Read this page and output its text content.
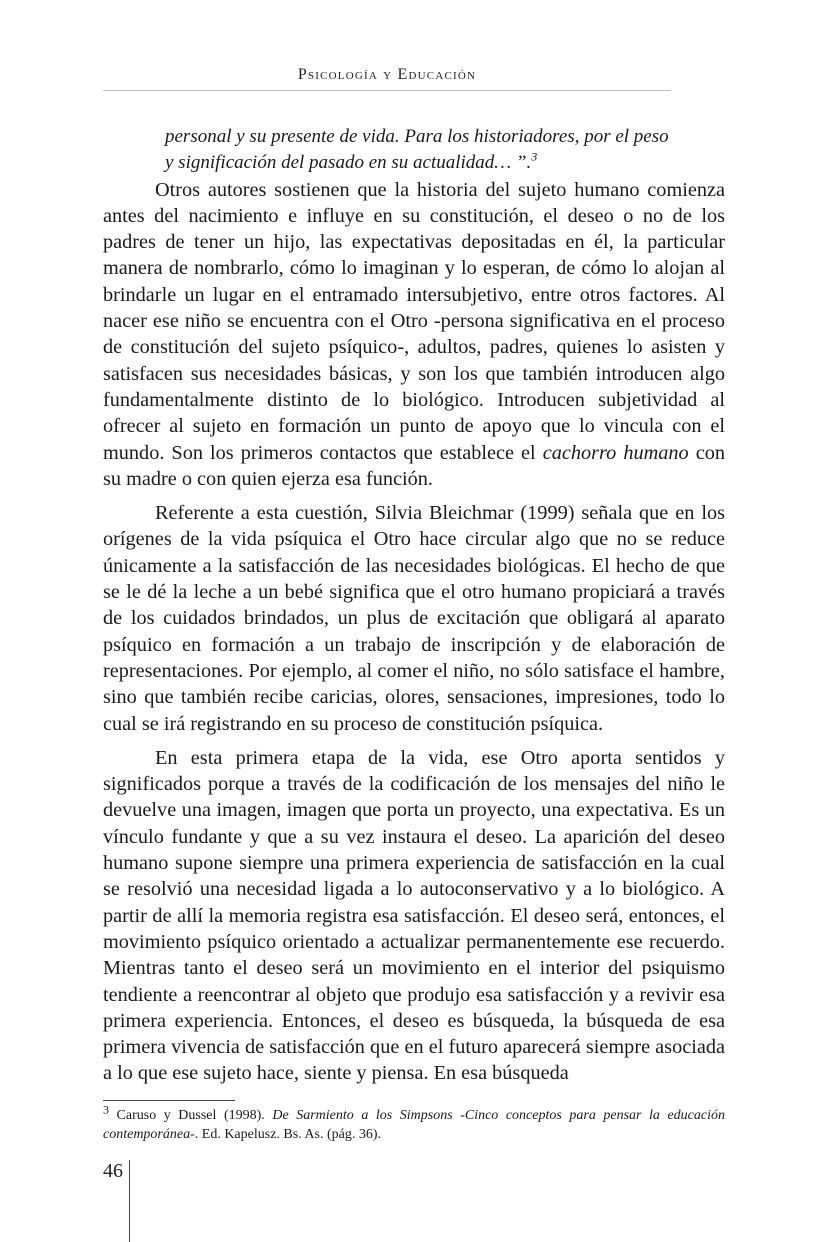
Psicología y Educación
personal y su presente de vida. Para los historiadores, por el peso
y significación del pasado en su actualidad… ”.$^3$

Otros autores sostienen que la historia del sujeto humano comienza antes del nacimiento e influye en su constitución, el deseo o no de los padres de tener un hijo, las expectativas depositadas en él, la particular manera de nombrarlo, cómo lo imaginan y lo esperan, de cómo lo alojan al brindarle un lugar en el entramado intersubjetivo, entre otros factores. Al nacer ese niño se encuentra con el Otro -persona significativa en el proceso de constitución del sujeto psíquico-, adultos, padres, quienes lo asisten y satisfacen sus necesidades básicas, y son los que también introducen algo fundamentalmente distinto de lo biológico. Introducen subjetividad al ofrecer al sujeto en formación un punto de apoyo que lo vincula con el mundo. Son los primeros contactos que establece el cachorro humano con su madre o con quien ejerza esa función.

Referente a esta cuestión, Silvia Bleichmar (1999) señala que en los orígenes de la vida psíquica el Otro hace circular algo que no se reduce únicamente a la satisfacción de las necesidades biológicas. El hecho de que se le dé la leche a un bebé significa que el otro humano propiciará a través de los cuidados brindados, un plus de excitación que obligará al aparato psíquico en formación a un trabajo de inscripción y de elaboración de representaciones. Por ejemplo, al comer el niño, no sólo satisface el hambre, sino que también recibe caricias, olores, sensaciones, impresiones, todo lo cual se irá registrando en su proceso de constitución psíquica.

En esta primera etapa de la vida, ese Otro aporta sentidos y significados porque a través de la codificación de los mensajes del niño le devuelve una imagen, imagen que porta un proyecto, una expectativa. Es un vínculo fundante y que a su vez instaura el deseo. La aparición del deseo humano supone siempre una primera experiencia de satisfacción en la cual se resolvió una necesidad ligada a lo autoconservativo y a lo biológico. A partir de allí la memoria registra esa satisfacción. El deseo será, entonces, el movimiento psíquico orientado a actualizar permanentemente ese recuerdo. Mientras tanto el deseo será un movimiento en el interior del psiquismo tendiente a reencontrar al objeto que produjo esa satisfacción y a revivir esa primera experiencia. Entonces, el deseo es búsqueda, la búsqueda de esa primera vivencia de satisfacción que en el futuro aparecerá siempre asociada a lo que ese sujeto hace, siente y piensa. En esa búsqueda

$^3$ Caruso y Dussel (1998). De Sarmiento a los Simpsons -Cinco conceptos para pensar la educación contemporánea-. Ed. Kapelusz. Bs. As. (pág. 36).
46
